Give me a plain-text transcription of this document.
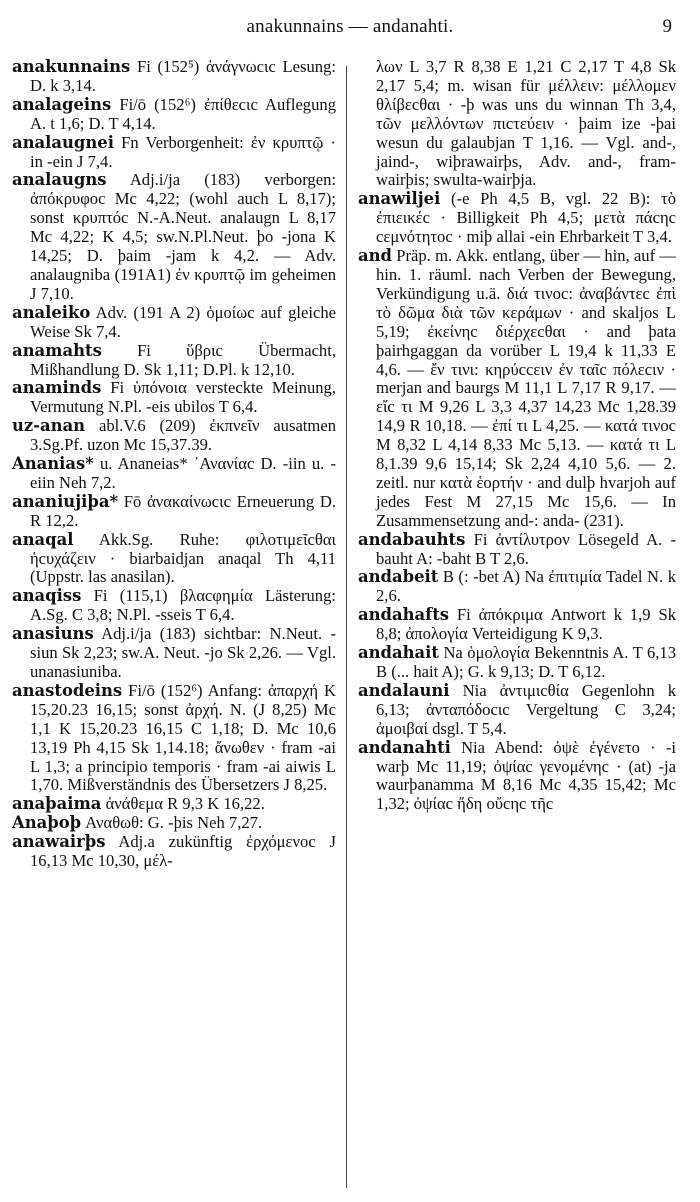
anakunnains — andanahti.	9

anakunnains Fi (152⁵) ἀνάγνωcιc Lesung: D. k 3,14.

analageins Fi/ō (152⁶) ἐπίθεcιc Auflegung A. t 1,6; D. T 4,14.

analaugnei Fn Verborgenheit: ἐν κρυπτῷ · in -ein J 7,4.

analaugns Adj.i/ja (183) verborgen: ἀπόκρυφοc Mc 4,22; (wohl auch L 8,17); sonst κρυπτόc N.-A.Neut. analaugn L 8,17 Mc 4,22; K 4,5; sw.N.Pl.Neut. þo -jona K 14,25; D. þaim -jam k 4,2. — Adv. analaugniba (191A1) ἐν κρυπτῷ im geheimen J 7,10.

analeiko Adv. (191 A 2) ὁμοίωc auf gleiche Weise Sk 7,4.

anamahts Fi ὕβριc Übermacht, Mißhandlung D. Sk 1,11; D.Pl. k 12,10.

anaminds Fi ὑπόνοια versteckte Meinung, Vermutung N.Pl. -eis ubilos T 6,4.

uz-anan abl.V.6 (209) ἐκπνεῖν ausatmen 3.Sg.Pf. uzon Mc 15,37.39.

Ananias* u. Ananeias* ᾿Ανανίαc D. -iin u. -eiin Neh 7,2.

ananiujiþa* Fō ἀνακαίνωcιc Erneuerung D. R 12,2.

anaqal Akk.Sg. Ruhe: φιλοτιμεῖcθαι ἡcυχάζειν · biarbaidjan anaqal Th 4,11 (Uppstr. las anasilan).

anaqiss Fi (115,1) βλαcφημία Lästerung: A.Sg. C 3,8; N.Pl. -sseis T 6,4.

anasiuns Adj.i/ja (183) sichtbar: N.Neut. -siun Sk 2,23; sw.A. Neut. -jo Sk 2,26. — Vgl. unanasiuniba.

anastodeins Fi/ō (152⁶) Anfang: ἀπαρχή K 15,20.23 16,15; sonst ἀρχή. N. (J 8,25) Mc 1,1 K 15,20.23 16,15 C 1,18; D. Mc 10,6 13,19 Ph 4,15 Sk 1,14.18; ἄνωθεν · fram -ai L 1,3; a principio temporis · fram -ai aiwis L 1,70. Mißverständnis des Übersetzers J 8,25.

anaþaima ἀνάθεμα R 9,3 K 16,22.

Anaþoþ Αναθωθ: G. -þis Neh 7,27.

anawairþs Adj.a zukünftig ἐρχόμενοc J 16,13 Mc 10,30, μέλ-

λων L 3,7 R 8,38 E 1,21 C 2,17 T 4,8 Sk 2,17 5,4; m. wisan für μέλλειν: μέλλομεν θλίβεcθαι · -þ was uns du winnan Th 3,4, τῶν μελλόντων πιcτεύειν · þaim ize -þai wesun du galaubjan T 1,16. — Vgl. and-, jaind-, wiþrawairþs, Adv. and-, fram-wairþis; swulta-wairþja.

anawiljei (-e Ph 4,5 B, vgl. 22 B): τὸ ἐπιεικέc · Billigkeit Ph 4,5; μετὰ πάcηc cεμνότητοc · miþ allai -ein Ehrbarkeit T 3,4.

and Präp. m. Akk. entlang, über — hin, auf — hin. 1. räuml. nach Verben der Bewegung, Verkündigung u.ä. διά τινοc: ἀναβάντεc ἐπὶ τὸ δῶμα διὰ τῶν κεράμων · and skaljos L 5,19; ἐκείνηc διέρχεcθαι · and þata þairhgaggan da vorüber L 19,4 k 11,33 E 4,6. — ἔν τινι: κηρύccειν ἐν ταῖc πόλεcιν · merjan and baurgs M 11,1 L 7,17 R 9,17. — εἴc τι M 9,26 L 3,3 4,37 14,23 Mc 1,28.39 14,9 R 10,18. — ἐπί τι L 4,25. — κατά τινοc M 8,32 L 4,14 8,33 Mc 5,13. — κατά τι L 8,1.39 9,6 15,14; Sk 2,24 4,10 5,6. — 2. zeitl. nur κατὰ ἑορτήν · and dulþ hvarjoh auf jedes Fest M 27,15 Mc 15,6. — In Zusammensetzung and-: anda- (231).

andabauhts Fi ἀντίλυτρον Lösegeld A. -bauht A: -baht B T 2,6.

andabeit B (: -bet A) Na ἐπιτιμία Tadel N. k 2,6.

andahafts Fi ἀπόκριμα Antwort k 1,9 Sk 8,8; ἀπολογία Verteidigung K 9,3.

andahait Na ὁμολογία Bekenntnis A. T 6,13 B (... hait A); G. k 9,13; D. T 6,12.

andalauni Nia ἀντιμιcθία Gegenlohn k 6,13; ἀνταπόδοcιc Vergeltung C 3,24; ἀμοιβαί dsgl. T 5,4.

andanahti Nia Abend: ὀψὲ ἐγένετο · -i warþ Mc 11,19; ὀψίαc γενομένηc · (at) -ja waurþanamma M 8,16 Mc 4,35 15,42; Mc 1,32; ὀψίαc ἤδη οὔcηc τῆc
